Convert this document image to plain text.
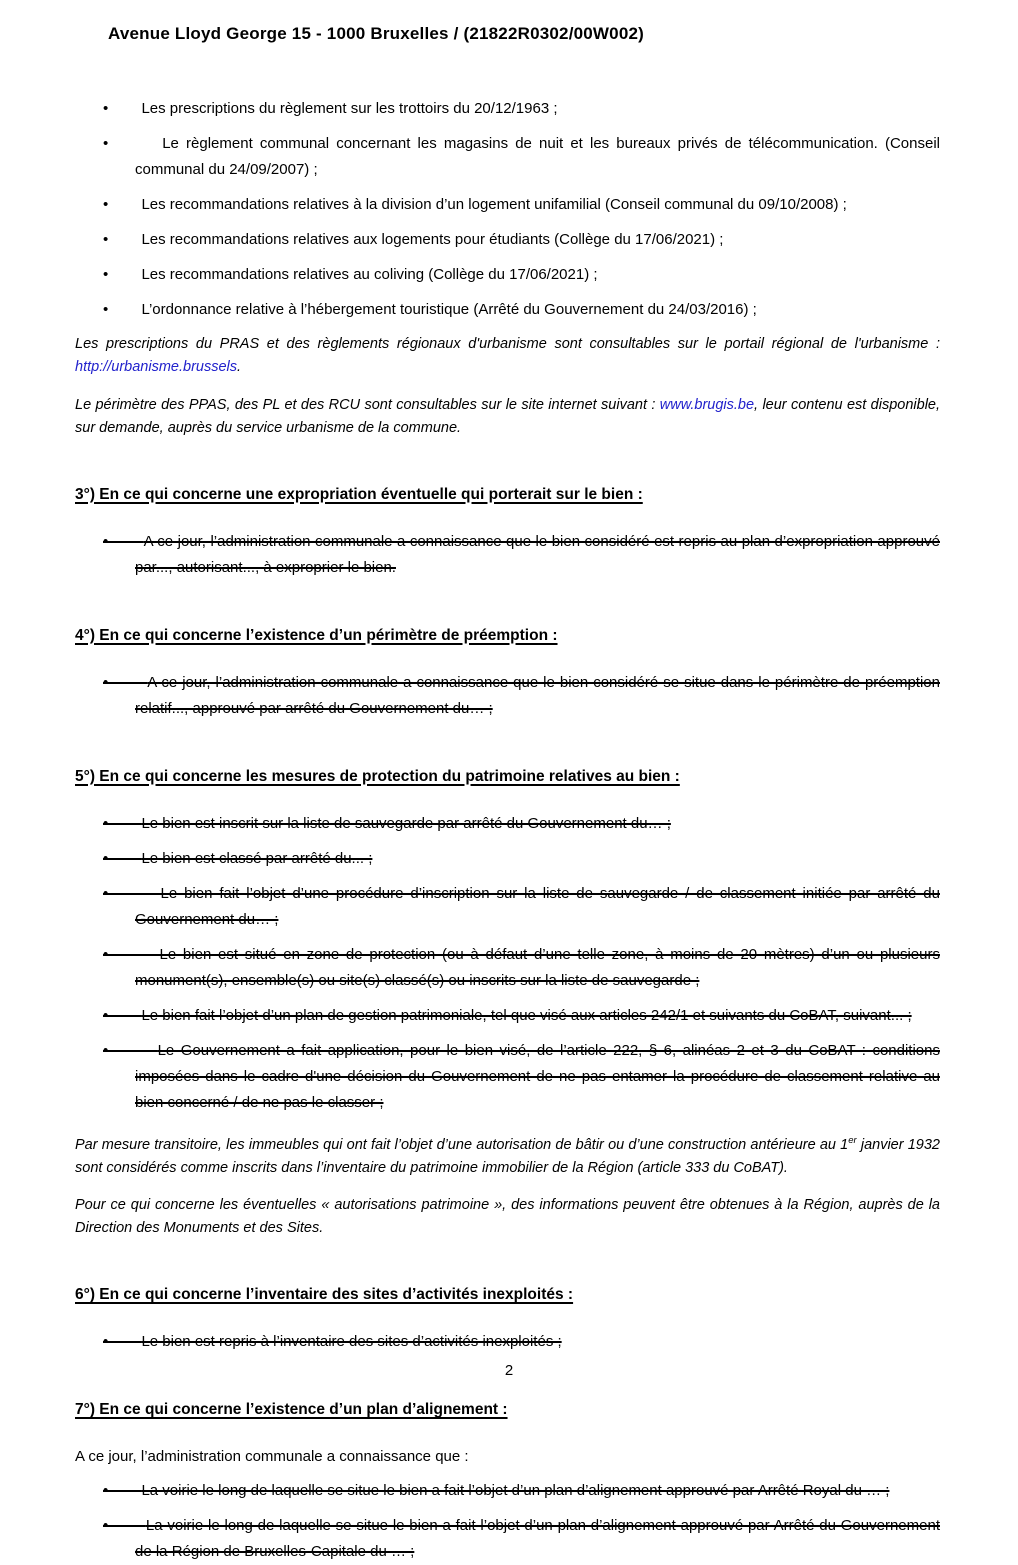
Avenue Lloyd George 15 - 1000 Bruxelles / (21822R0302/00W002)
•       Les prescriptions du règlement sur les trottoirs du 20/12/1963 ;
•       Le règlement communal concernant les magasins de nuit et les bureaux privés de télécommunication. (Conseil communal du 24/09/2007) ;
•       Les recommandations relatives à la division d’un logement unifamilial (Conseil communal du 09/10/2008) ;
•       Les recommandations relatives aux logements pour étudiants (Collège du 17/06/2021) ;
•       Les recommandations relatives au coliving (Collège du 17/06/2021) ;
•       L’ordonnance relative à l’hébergement touristique (Arrêté du Gouvernement du 24/03/2016) ;

Les prescriptions du PRAS et des règlements régionaux d'urbanisme sont consultables sur le portail régional de l'urbanisme : http://urbanisme.brussels.

Le périmètre des PPAS, des PL et des RCU sont consultables sur le site internet suivant : www.brugis.be, leur contenu est disponible, sur demande, auprès du service urbanisme de la commune.

3°) En ce qui concerne une expropriation éventuelle qui porterait sur le bien :
•       A ce jour, l’administration communale a connaissance que le bien considéré est repris au plan d’expropriation approuvé par..., autorisant..., à exproprier le bien.
4°) En ce qui concerne l’existence d’un périmètre de préemption :
•       A ce jour, l’administration communale a connaissance que le bien considéré se situe dans le périmètre de préemption relatif..., approuvé par arrêté du Gouvernement du… ;
5°) En ce qui concerne les mesures de protection du patrimoine relatives au bien :
•       Le bien est inscrit sur la liste de sauvegarde par arrêté du Gouvernement du… ;
•       Le bien est classé par arrêté du... ;
•       Le bien fait l’objet d’une procédure d’inscription sur la liste de sauvegarde / de classement initiée par arrêté du Gouvernement du… ;
•       Le bien est situé en zone de protection (ou à défaut d’une telle zone, à moins de 20 mètres) d’un ou plusieurs monument(s), ensemble(s) ou site(s) classé(s) ou inscrits sur la liste de sauvegarde ;
•       Le bien fait l’objet d’un plan de gestion patrimoniale, tel que visé aux articles 242/1 et suivants du CoBAT, suivant... ;
•       Le Gouvernement a fait application, pour le bien visé, de l’article 222, § 6, alinéas 2 et 3 du CoBAT : conditions imposées dans le cadre d'une décision du Gouvernement de ne pas entamer la procédure de classement relative au bien concerné / de ne pas le classer ;

Par mesure transitoire, les immeubles qui ont fait l’objet d’une autorisation de bâtir ou d’une construction antérieure au 1er janvier 1932 sont considérés comme inscrits dans l’inventaire du patrimoine immobilier de la Région (article 333 du CoBAT).

Pour ce qui concerne les éventuelles « autorisations patrimoine », des informations peuvent être obtenues à la Région, auprès de la Direction des Monuments et des Sites.

6°) En ce qui concerne l’inventaire des sites d’activités inexploités :
•       Le bien est repris à l’inventaire des sites d’activités inexploités ;
7°) En ce qui concerne l’existence d’un plan d’alignement :
A ce jour, l’administration communale a connaissance que :
•       La voirie le long de laquelle se situe le bien a fait l’objet d’un plan d’alignement approuvé par Arrêté Royal du … ;
•       La voirie le long de laquelle se situe le bien a fait l’objet d’un plan d’alignement approuvé par Arrêté du Gouvernement de la Région de Bruxelles-Capitale du … ;
2
